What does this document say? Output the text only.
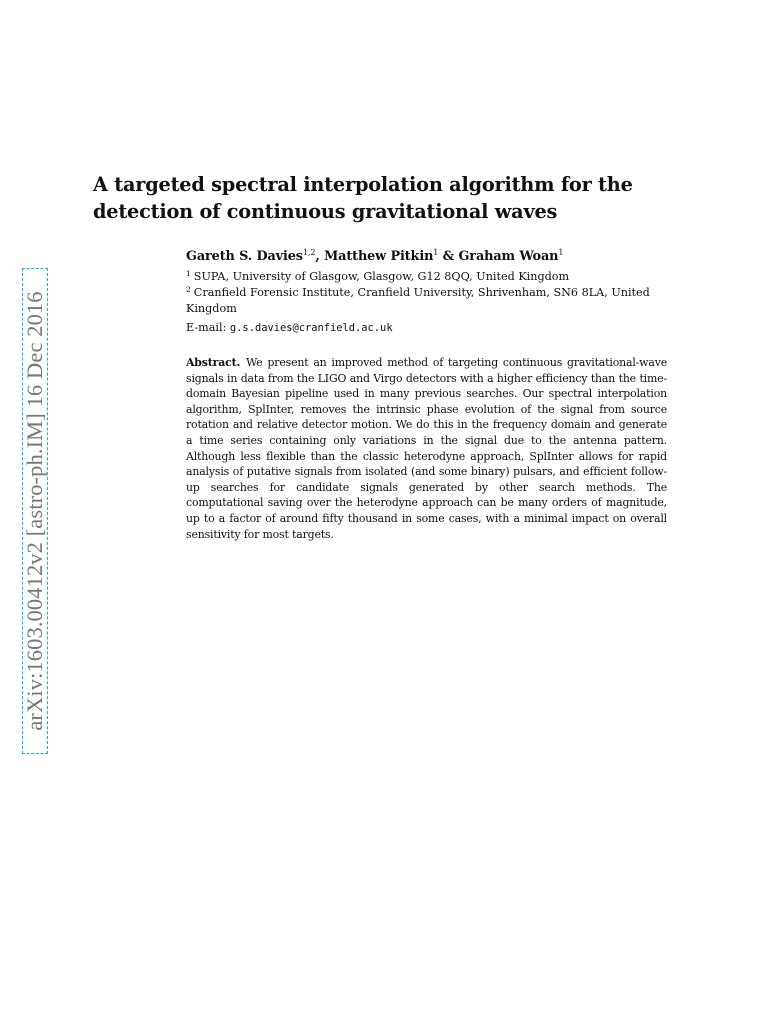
arXiv:1603.00412v2 [astro-ph.IM] 16 Dec 2016
A targeted spectral interpolation algorithm for the detection of continuous gravitational waves
Gareth S. Davies$^{1,2}$, Matthew Pitkin$^1$ & Graham Woan$^1$
$^1$ SUPA, University of Glasgow, Glasgow, G12 8QQ, United Kingdom
$^2$ Cranfield Forensic Institute, Cranfield University, Shrivenham, SN6 8LA, United Kingdom
E-mail: g.s.davies@cranfield.ac.uk

Abstract. We present an improved method of targeting continuous gravitational-wave signals in data from the LIGO and Virgo detectors with a higher efficiency than the time-domain Bayesian pipeline used in many previous searches. Our spectral interpolation algorithm, SplInter, removes the intrinsic phase evolution of the signal from source rotation and relative detector motion. We do this in the frequency domain and generate a time series containing only variations in the signal due to the antenna pattern. Although less flexible than the classic heterodyne approach, SplInter allows for rapid analysis of putative signals from isolated (and some binary) pulsars, and efficient follow-up searches for candidate signals generated by other search methods. The computational saving over the heterodyne approach can be many orders of magnitude, up to a factor of around fifty thousand in some cases, with a minimal impact on overall sensitivity for most targets.
